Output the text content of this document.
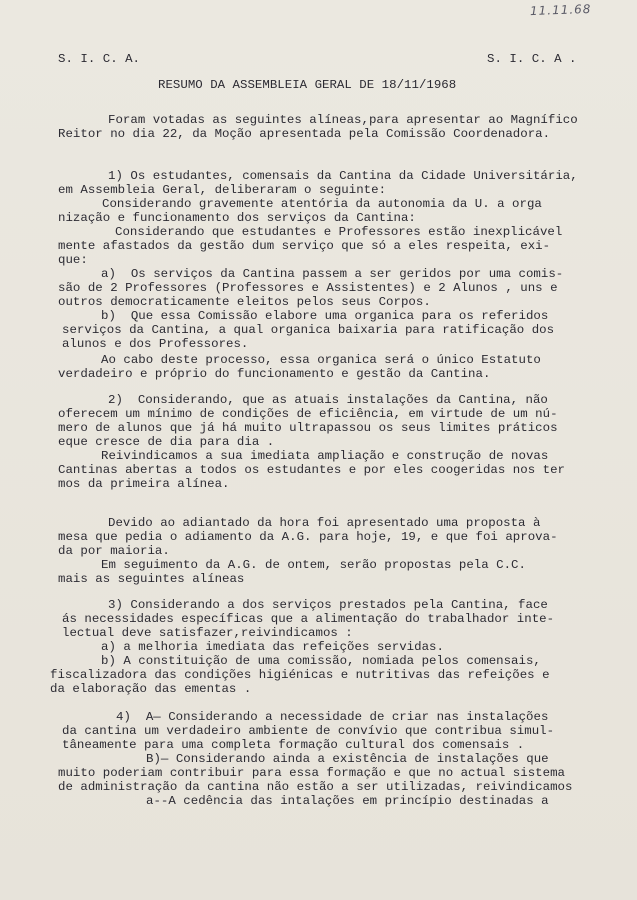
11.11.68
S. I. C. A.	S. I. C. A .
RESUMO DA ASSEMBLEIA GERAL DE 18/11/1968
Foram votadas as seguintes alíneas,para apresentar ao Magnífico
Reitor no dia 22, da Moção apresentada pela Comissão Coordenadora.
1) Os estudantes, comensais da Cantina da Cidade Universitária,
em Assembleia Geral, deliberaram o seguinte:
Considerando gravemente atentória da autonomia da U. a orga
nização e funcionamento dos serviços da Cantina:
Considerando que estudantes e Professores estão inexplicável
mente afastados da gestão dum serviço que só a eles respeita, exi-
que:
a)  Os serviços da Cantina passem a ser geridos por uma comis-
são de 2 Professores (Professores e Assistentes) e 2 Alunos , uns e
outros democraticamente eleitos pelos seus Corpos.
b)  Que essa Comissão elabore uma organica para os referidos
serviços da Cantina, a qual organica baixaria para ratificação dos
alunos e dos Professores.
Ao cabo deste processo, essa organica será o único Estatuto
verdadeiro e próprio do funcionamento e gestão da Cantina.
2)  Considerando, que as atuais instalações da Cantina, não
oferecem um mínimo de condições de eficiência, em virtude de um nú-
mero de alunos que já há muito ultrapassou os seus limites práticos
eque cresce de dia para dia .
Reivindicamos a sua imediata ampliação e construção de novas
Cantinas abertas a todos os estudantes e por eles coogeridas nos ter
mos da primeira alínea.
Devido ao adiantado da hora foi apresentado uma proposta à
mesa que pedia o adiamento da A.G. para hoje, 19, e que foi aprova-
da por maioria.
Em seguimento da A.G. de ontem, serão propostas pela C.C.
mais as seguintes alíneas
3) Considerando a dos serviços prestados pela Cantina, face
ás necessidades específicas que a alimentação do trabalhador inte-
lectual deve satisfazer,reivindicamos :
a) a melhoria imediata das refeições servidas.
b) A constituição de uma comissão, nomiada pelos comensais,
fiscalizadora das condições higiénicas e nutritivas das refeições e
da elaboração das ementas .
4)  A— Considerando a necessidade de criar nas instalações
da cantina um verdadeiro ambiente de convívio que contribua simul-
tâneamente para uma completa formação cultural dos comensais .
B)— Considerando ainda a existência de instalações que
muito poderiam contribuir para essa formação e que no actual sistema
de administração da cantina não estão a ser utilizadas, reivindicamos
a--A cedência das intalações em princípio destinadas a
